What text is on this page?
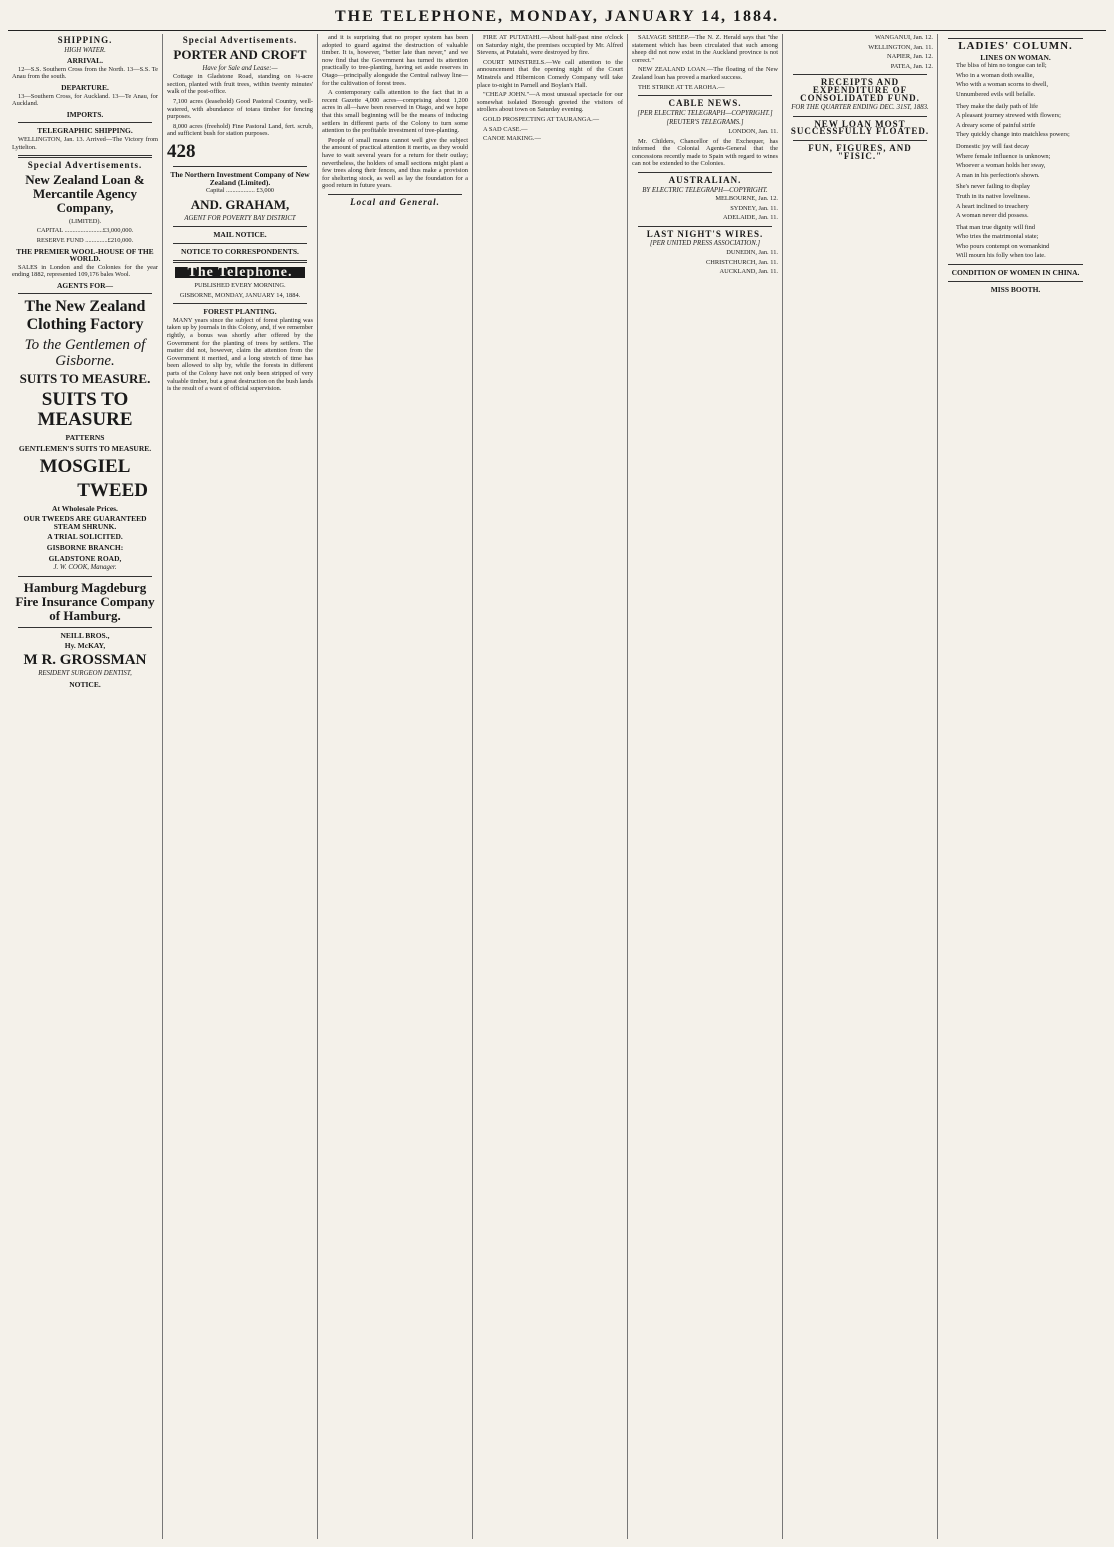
THE TELEPHONE, MONDAY, JANUARY 14, 1884.
SHIPPING.
HIGH WATER.
ARRIVAL.

12—S.S. Southern Cross from the North. 13—S.S. Te Anau from the south.

DEPARTURE.

13—Southern Cross, for Auckland. 13—Te Anau, for Auckland.

IMPORTS.
TELEGRAPHIC SHIPPING.

WELLINGTON, Jan. 13. Arrived—The Victory from Lyttelton.

Special Advertisements.
New Zealand Loan & Mercantile Agency Company,

(LIMITED).

CAPITAL ........................£3,000,000.

RESERVE FUND ..............£210,000.

THE PREMIER WOOL-HOUSE OF THE WORLD.

SALES in London and the Colonies for the year ending 1882, represented 109,176 bales Wool.

AGENTS FOR—
The New Zealand Clothing Factory
To the Gentlemen of Gisborne.
SUITS TO MEASURE.
SUITS TO MEASURE
PATTERNS
GENTLEMEN'S SUITS TO MEASURE.
MOSGIEL
TWEED
At Wholesale Prices.
OUR TWEEDS ARE GUARANTEED STEAM SHRUNK.
A TRIAL SOLICITED.
GISBORNE BRANCH:
GLADSTONE ROAD,
J. W. COOK, Manager.
Hamburg Magdeburg Fire Insurance Company of Hamburg.
NEILL BROS.,
Hy. McKAY,
M R. GROSSMAN
RESIDENT SURGEON DENTIST,
NOTICE.
Special Advertisements.
PORTER AND CROFT
Have for Sale and Lease:—

Cottage in Gladstone Road, standing on ¼-acre section, planted with fruit trees, within twenty minutes' walk of the post-office.

7,100 acres (leasehold) Good Pastoral Country, well-watered, with abundance of totara timber for fencing purposes.

8,000 acres (freehold) Fine Pastoral Land, fert. scrub, and sufficient bush for station purposes.

428
The Northern Investment Company of New Zealand (Limited).

Capital .................. £3,000

AND. GRAHAM,
AGENT FOR POVERTY BAY DISTRICT
MAIL NOTICE.
NOTICE TO CORRESPONDENTS.
The Telephone.

PUBLISHED EVERY MORNING.

GISBORNE, MONDAY, JANUARY 14, 1884.

FOREST PLANTING.

MANY years since the subject of forest planting was taken up by journals in this Colony, and, if we remember rightly, a bonus was shortly after offered by the Government for the planting of trees by settlers. The matter did not, however, claim the attention from the Government it merited, and a long stretch of time has been allowed to slip by, while the forests in different parts of the Colony have not only been stripped of very valuable timber, but a great destruction on the bush lands is the result of a want of official supervision.

and it is surprising that no proper system has been adopted to guard against the destruction of valuable timber. It is, however, "better late than never," and we now find that the Government has turned its attention practically to tree-planting, having set aside reserves in Otago—principally alongside the Central railway line—for the cultivation of forest trees.

A contemporary calls attention to the fact that in a recent Gazette 4,000 acres—comprising about 1,200 acres in all—have been reserved in Otago, and we hope that this small beginning will be the means of inducing settlers in different parts of the Colony to turn some attention to the profitable investment of tree-planting.

People of small means cannot well give the subject the amount of practical attention it merits, as they would have to wait several years for a return for their outlay; nevertheless, the holders of small sections might plant a few trees along their fences, and thus make a provision for sheltering stock, as well as lay the foundation for a good return in future years.

Local and General.

FIRE AT PUTATAHI.—About half-past nine o'clock on Saturday night, the premises occupied by Mr. Alfred Stevens, at Putatahi, were destroyed by fire.

COURT MINSTRELS.—We call attention to the announcement that the opening night of the Court Minstrels and Hibernicon Comedy Company will take place to-night in Parnell and Boylan's Hall.

"CHEAP JOHN."—A most unusual spectacle for our somewhat isolated Borough greeted the visitors of strollers about town on Saturday evening.

GOLD PROSPECTING AT TAURANGA.—

A SAD CASE.—

CANOE MAKING.—

SALVAGE SHEEP.—The N. Z. Herald says that "the statement which has been circulated that such among sheep did not now exist in the Auckland province is not correct."

NEW ZEALAND LOAN.—The floating of the New Zealand loan has proved a marked success.

THE STRIKE AT TE AROHA.—

CABLE NEWS.
[PER ELECTRIC TELEGRAPH—COPYRIGHT.]
[REUTER'S TELEGRAMS.]

LONDON, Jan. 11.

Mr. Childers, Chancellor of the Exchequer, has informed the Colonial Agents-General that the concessions recently made to Spain with regard to wines can not be extended to the Colonies.

AUSTRALIAN.
BY ELECTRIC TELEGRAPH—COPYRIGHT.

MELBOURNE, Jan. 12.

SYDNEY, Jan. 11.

ADELAIDE, Jan. 11.

LAST NIGHT'S WIRES.
[PER UNITED PRESS ASSOCIATION.]

DUNEDIN, Jan. 11.

CHRISTCHURCH, Jan. 11.

AUCKLAND, Jan. 11.

WANGANUI, Jan. 12.

WELLINGTON, Jan. 11.

NAPIER, Jan. 12.

PATEA, Jan. 12.

RECEIPTS AND EXPENDITURE OF CONSOLIDATED FUND.
FOR THE QUARTER ENDING DEC. 31ST, 1883.
NEW LOAN MOST SUCCESSFULLY FLOATED.
FUN, FIGURES, AND "FISIC."
LADIES' COLUMN.
LINES ON WOMAN.

The bliss of him no tongue can tell;

Who in a woman doth swallie,

Who with a woman scorns to dwell,

Unnumbered evils will befalle.

They make the daily path of life

A pleasant journey strewed with flowers;

A dreary scene of painful strife

They quickly change into matchless powers;

Domestic joy will fast decay

Where female influence is unknown;

Whoever a woman holds her sway,

A man in his perfection's shown.

She's never failing to display

Truth in its native loveliness.

A heart inclined to treachery

A woman never did possess.

That man true dignity will find

Who tries the matrimonial state;

Who pours contempt on womankind

Will mourn his folly when too late.

CONDITION OF WOMEN IN CHINA.
MISS BOOTH.
